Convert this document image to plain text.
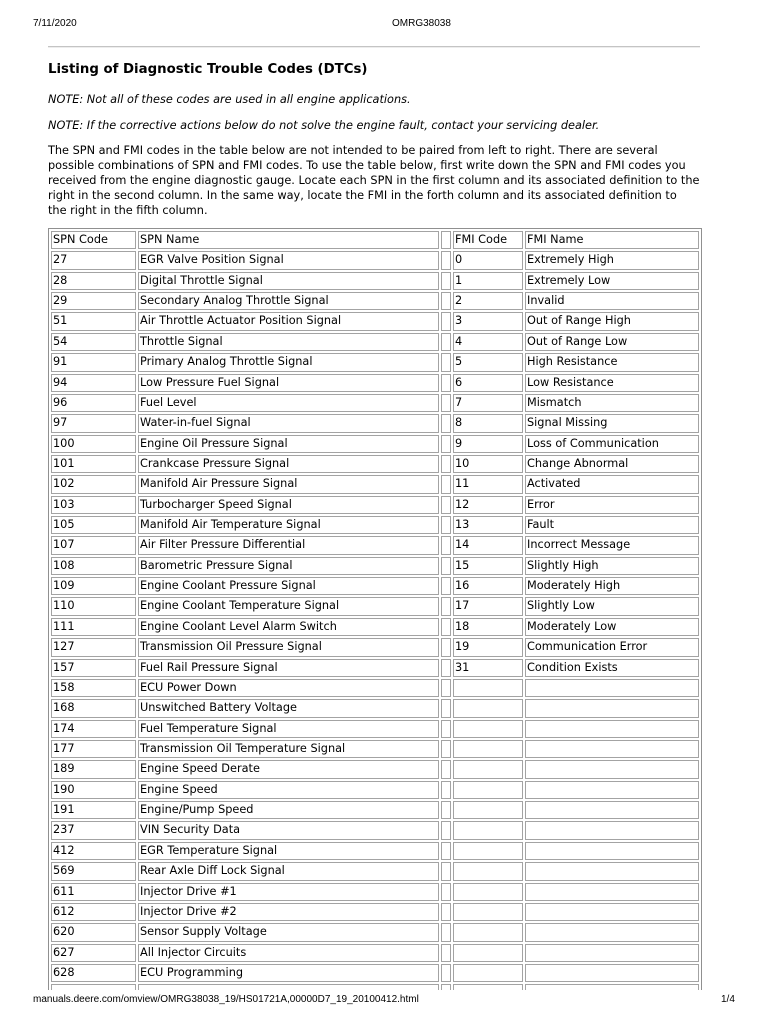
7/11/2020	OMRG38038
Listing of Diagnostic Trouble Codes (DTCs)

NOTE: Not all of these codes are used in all engine applications.

NOTE: If the corrective actions below do not solve the engine fault, contact your servicing dealer.

The SPN and FMI codes in the table below are not intended to be paired from left to right. There are several
possible combinations of SPN and FMI codes. To use the table below, first write down the SPN and FMI codes you
received from the engine diagnostic gauge. Locate each SPN in the first column and its associated definition to the
right in the second column. In the same way, locate the FMI in the forth column and its associated definition to
the right in the fifth column.
SPN Code ​	SPN Name ​	​	FMI Code ​	FMI Name ​
27 ​	EGR Valve Position Signal ​	​	0 ​	Extremely High ​
28 ​	Digital Throttle Signal ​	​	1 ​	Extremely Low ​
29 ​	Secondary Analog Throttle Signal ​	​	2 ​	Invalid ​
51 ​	Air Throttle Actuator Position Signal ​	​	3 ​	Out of Range High ​
54 ​	Throttle Signal ​	​	4 ​	Out of Range Low ​
91 ​	Primary Analog Throttle Signal ​	​	5 ​	High Resistance ​
94 ​	Low Pressure Fuel Signal ​	​	6 ​	Low Resistance ​
96 ​	Fuel Level ​	​	7 ​	Mismatch ​
97 ​	Water-in-fuel Signal ​	​	8 ​	Signal Missing ​
100 ​	Engine Oil Pressure Signal ​	​	9 ​	Loss of Communication ​
101 ​	Crankcase Pressure Signal ​	​	10 ​	Change Abnormal ​
102 ​	Manifold Air Pressure Signal ​	​	11 ​	Activated ​
103 ​	Turbocharger Speed Signal ​	​	12 ​	Error ​
105 ​	Manifold Air Temperature Signal ​	​	13 ​	Fault ​
107 ​	Air Filter Pressure Differential ​	​	14 ​	Incorrect Message ​
108 ​	Barometric Pressure Signal ​	​	15 ​	Slightly High ​
109 ​	Engine Coolant Pressure Signal ​	​	16 ​	Moderately High ​
110 ​	Engine Coolant Temperature Signal ​	​	17 ​	Slightly Low ​
111 ​	Engine Coolant Level Alarm Switch ​	​	18 ​	Moderately Low ​
127 ​	Transmission Oil Pressure Signal ​	​	19 ​	Communication Error ​
157 ​	Fuel Rail Pressure Signal ​	​	31 ​	Condition Exists ​
158 ​	ECU Power Down ​	​	​	​
168 ​	Unswitched Battery Voltage ​	​	​	​
174 ​	Fuel Temperature Signal ​	​	​	​
177 ​	Transmission Oil Temperature Signal ​	​	​	​
189 ​	Engine Speed Derate ​	​	​	​
190 ​	Engine Speed ​	​	​	​
191 ​	Engine/Pump Speed ​	​	​	​
237 ​	VIN Security Data ​	​	​	​
412 ​	EGR Temperature Signal ​	​	​	​
569 ​	Rear Axle Diff Lock Signal ​	​	​	​
611 ​	Injector Drive #1 ​	​	​	​
612 ​	Injector Drive #2 ​	​	​	​
620 ​	Sensor Supply Voltage ​	​	​	​
627 ​	All Injector Circuits ​	​	​	​
628 ​	ECU Programming ​	​	​	​
​	​	​	​	​
manuals.deere.com/omview/OMRG38038_19/HS01721A,00000D7_19_20100412.html	1/4
